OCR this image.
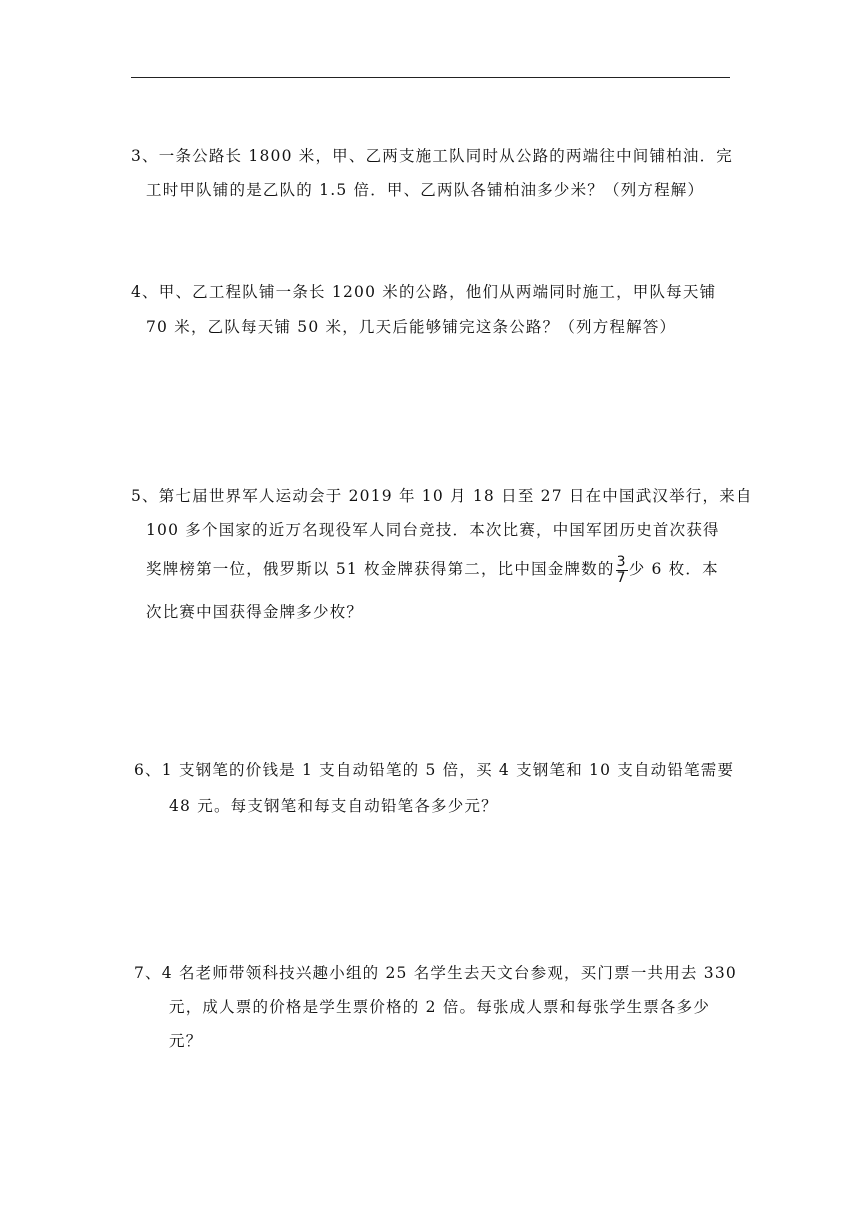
3、一条公路长 1800 米，甲、乙两支施工队同时从公路的两端往中间铺柏油．完
工时甲队铺的是乙队的 1.5 倍．甲、乙两队各铺柏油多少米？（列方程解）
4、甲、乙工程队铺一条长 1200 米的公路，他们从两端同时施工，甲队每天铺
70 米，乙队每天铺 50 米，几天后能够铺完这条公路？（列方程解答）
5、第七届世界军人运动会于 2019 年 10 月 18 日至 27 日在中国武汉举行，来自
100 多个国家的近万名现役军人同台竞技．本次比赛，中国军团历史首次获得
奖牌榜第一位，俄罗斯以 51 枚金牌获得第二，比中国金牌数的 $\frac{3}{7}$ 少 6 枚．本
次比赛中国获得金牌多少枚？
6、1 支钢笔的价钱是 1 支自动铅笔的 5 倍，买 4 支钢笔和 10 支自动铅笔需要
48 元。每支钢笔和每支自动铅笔各多少元？
7、4 名老师带领科技兴趣小组的 25 名学生去天文台参观，买门票一共用去 330
元，成人票的价格是学生票价格的 2 倍。每张成人票和每张学生票各多少
元？
